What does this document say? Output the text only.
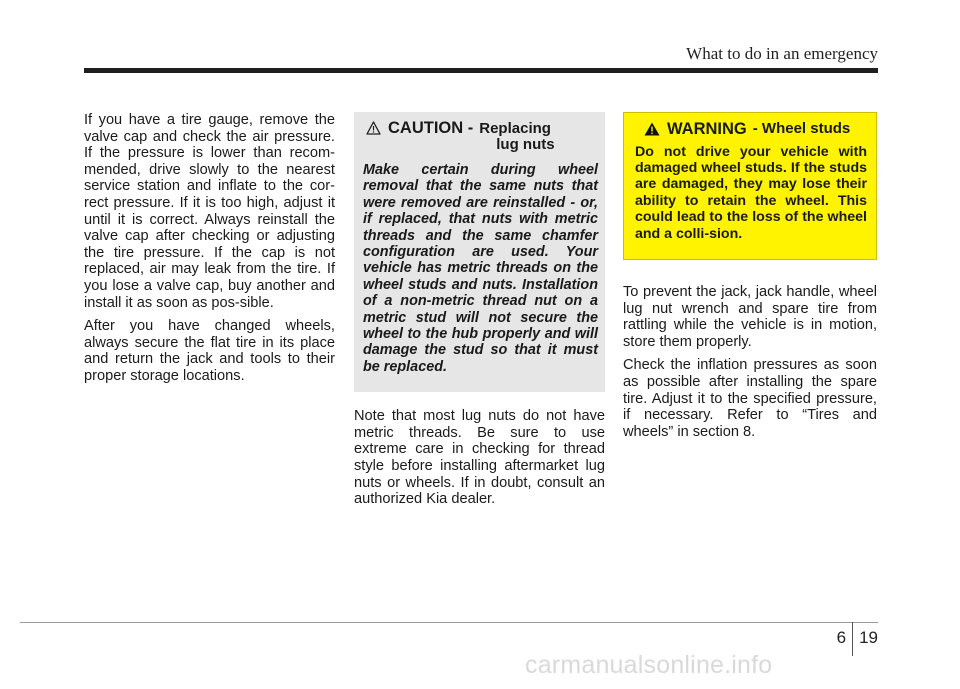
What to do in an emergency

If you have a tire gauge, remove the valve cap and check the air pressure. If the pressure is lower than recom-mended, drive slowly to the nearest service station and inflate to the cor-rect pressure. If it is too high, adjust it until it is correct. Always reinstall the valve cap after checking or adjusting the tire pressure. If the cap is not replaced, air may leak from the tire. If you lose a valve cap, buy another and install it as soon as pos-sible.

After you have changed wheels, always secure the flat tire in its place and return the jack and tools to their proper storage locations.

CAUTION - Replacing
lug nuts

Make certain during wheel removal that the same nuts that were removed are reinstalled - or, if replaced, that nuts with metric threads and the same chamfer configuration are used. Your vehicle has metric threads on the wheel studs and nuts. Installation of a non-metric thread nut on a metric stud will not secure the wheel to the hub properly and will damage the stud so that it must be replaced.

Note that most lug nuts do not have metric threads. Be sure to use extreme care in checking for thread style before installing aftermarket lug nuts or wheels. If in doubt, consult an authorized Kia dealer.

WARNING - Wheel studs

Do not drive your vehicle with damaged wheel studs. If the studs are damaged, they may lose their ability to retain the wheel. This could lead to the loss of the wheel and a colli-sion.

To prevent the jack, jack handle, wheel lug nut wrench and spare tire from rattling while the vehicle is in motion, store them properly.

Check the inflation pressures as soon as possible after installing the spare tire. Adjust it to the specified pressure, if necessary. Refer to “Tires and wheels” in section 8.

6 19
carmanualsonline.info
